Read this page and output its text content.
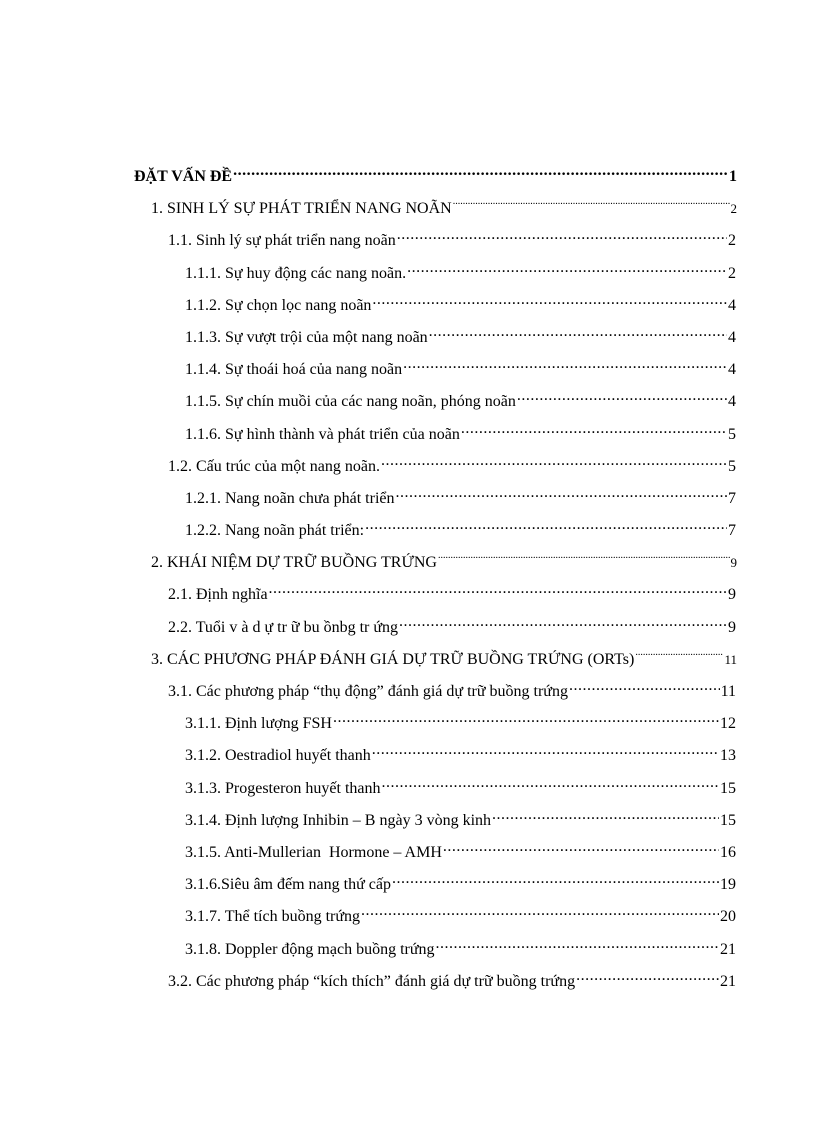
ĐẶT VẤN ĐỀ .....	1
1. SINH LÝ SỰ PHÁT TRIỂN NANG NOÃN .....	2
1.1. Sinh lý sự phát triển nang noãn .....	2
1.1.1. Sự huy động các nang noãn. .....	2
1.1.2. Sự chọn lọc nang noãn .....	4
1.1.3. Sự vượt trội của một nang noãn .....	4
1.1.4. Sự thoái hoá của nang noãn .....	4
1.1.5. Sự chín muồi của các nang noãn, phóng noãn .....	4
1.1.6. Sự hình thành và phát triển của noãn .....	5
1.2. Cấu trúc của một nang noãn. .....	5
1.2.1. Nang noãn chưa phát triển .....	7
1.2.2. Nang noãn phát triển: .....	7
2. KHÁI NIỆM DỰ TRỮ BUỒNG TRỨNG .....	9
2.1. Định nghĩa .....	9
2.2. Tuổi v à d ự tr ữ bu ồnbg tr ứng .....	9
3. CÁC PHƯƠNG PHÁP ĐÁNH GIÁ DỰ TRỮ BUỒNG TRỨNG (ORTs) .....	11
3.1. Các phương pháp “thụ động” đánh giá dự trữ buồng trứng .....	11
3.1.1. Định lượng FSH .....	12
3.1.2. Oestradiol huyết thanh .....	13
3.1.3. Progesteron huyết thanh .....	15
3.1.4. Định lượng Inhibin – B ngày 3 vòng kinh .....	15
3.1.5. Anti-Mullerian  Hormone – AMH .....	16
3.1.6.Siêu âm đếm nang thứ cấp .....	19
3.1.7. Thể tích buồng trứng .....	20
3.1.8. Doppler động mạch buồng trứng .....	21
3.2. Các phương pháp “kích thích” đánh giá dự trữ buồng trứng .....	21
